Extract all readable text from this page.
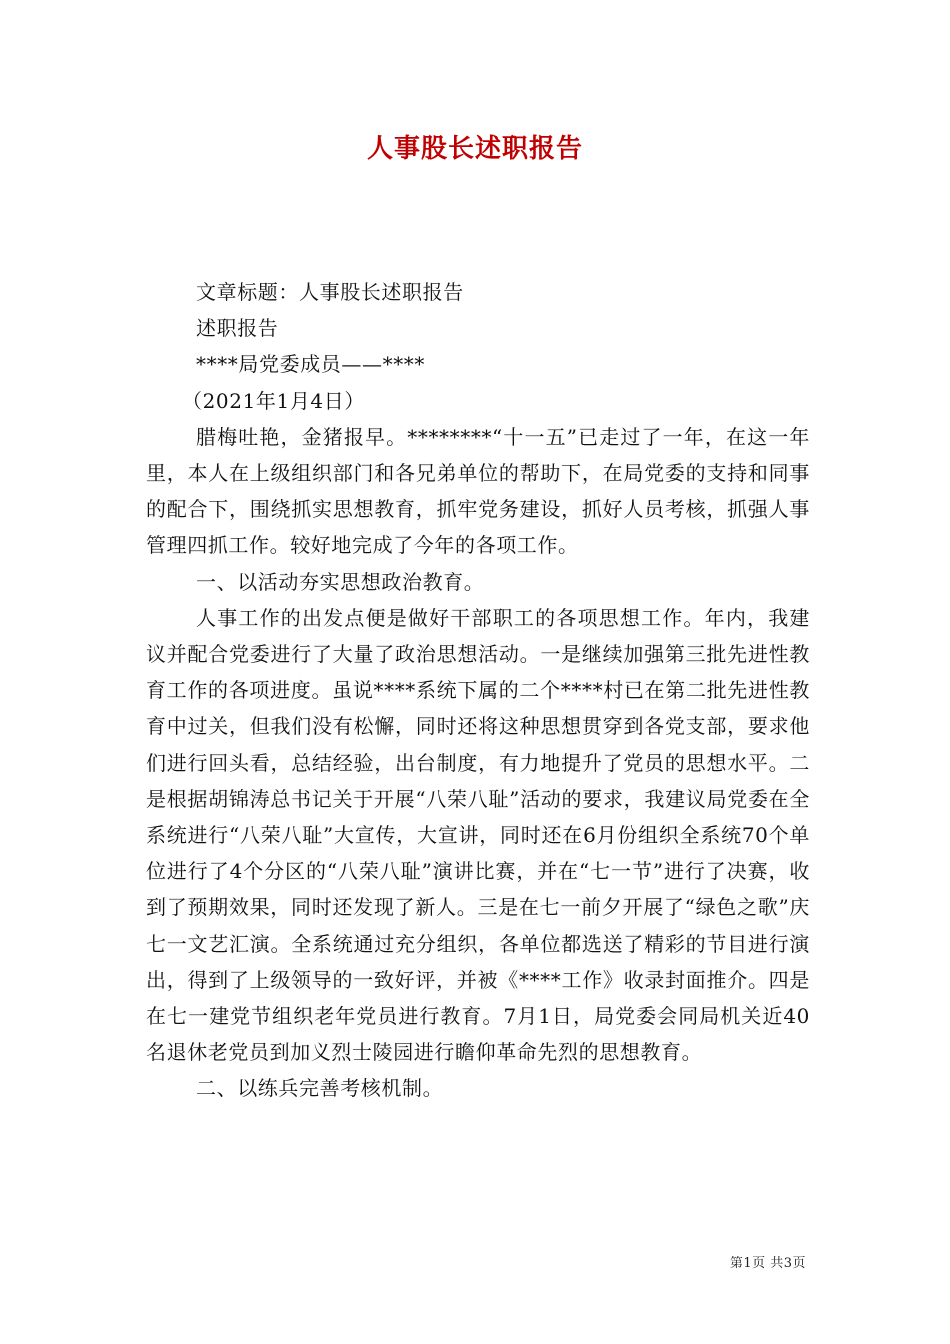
人事股长述职报告

文章标题：人事股长述职报告

述职报告

****局党委成员——****

（2021年1月4日）

腊梅吐艳，金猪报早。********“十一五”已走过了一年，在这一年里，本人在上级组织部门和各兄弟单位的帮助下，在局党委的支持和同事的配合下，围绕抓实思想教育，抓牢党务建设，抓好人员考核，抓强人事管理四抓工作。较好地完成了今年的各项工作。

一、以活动夯实思想政治教育。

人事工作的出发点便是做好干部职工的各项思想工作。年内，我建议并配合党委进行了大量了政治思想活动。一是继续加强第三批先进性教育工作的各项进度。虽说****系统下属的二个****村已在第二批先进性教育中过关，但我们没有松懈，同时还将这种思想贯穿到各党支部，要求他们进行回头看，总结经验，出台制度，有力地提升了党员的思想水平。二是根据胡锦涛总书记关于开展“八荣八耻”活动的要求，我建议局党委在全系统进行“八荣八耻”大宣传，大宣讲，同时还在6月份组织全系统70个单位进行了4个分区的“八荣八耻”演讲比赛，并在“七一节”进行了决赛，收到了预期效果，同时还发现了新人。三是在七一前夕开展了“绿色之歌”庆七一文艺汇演。全系统通过充分组织，各单位都选送了精彩的节目进行演出，得到了上级领导的一致好评，并被《****工作》收录封面推介。四是在七一建党节组织老年党员进行教育。7月1日，局党委会同局机关近40名退休老党员到加义烈士陵园进行瞻仰革命先烈的思想教育。

二、以练兵完善考核机制。

第1页 共3页
